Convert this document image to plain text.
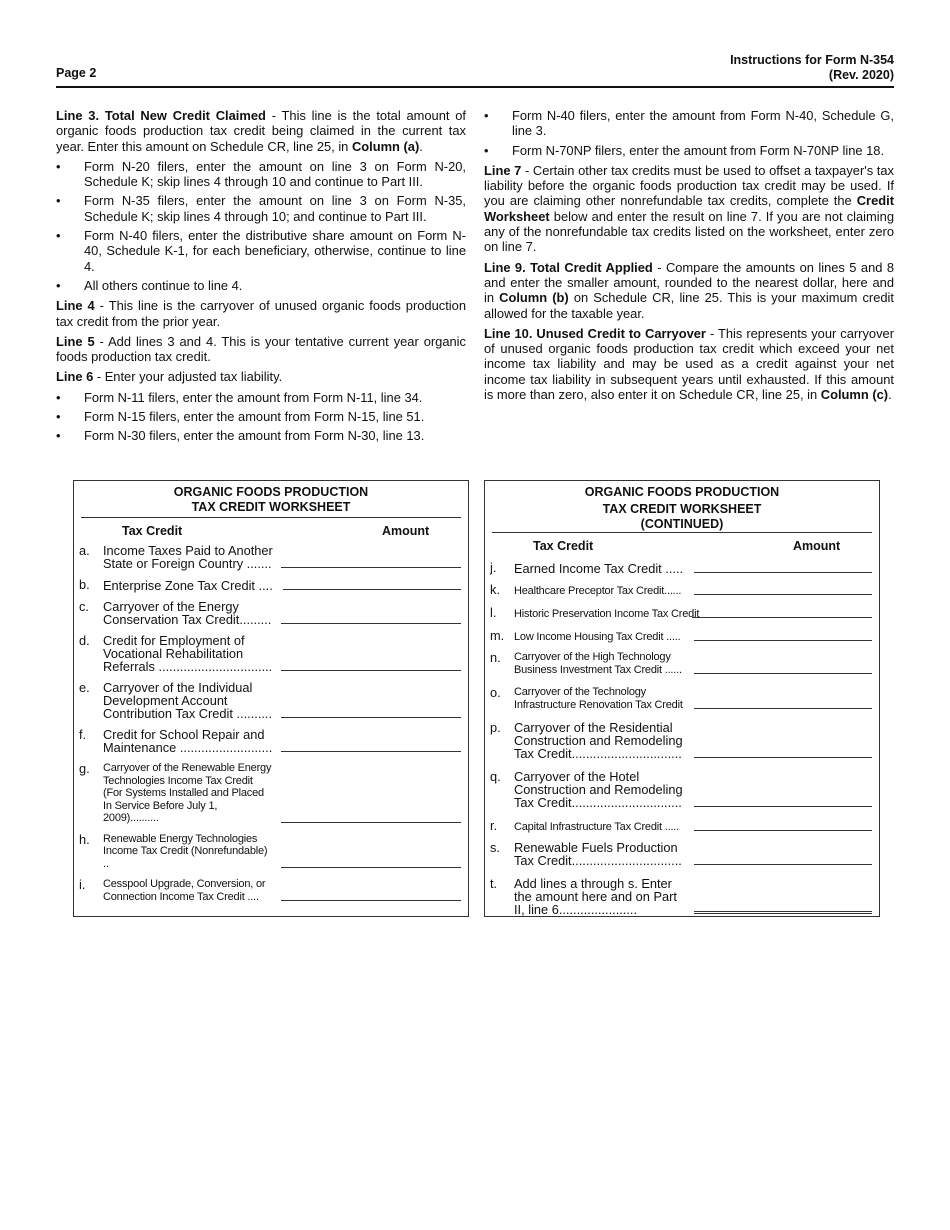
Page 2
Instructions for Form N-354
(Rev. 2020)

Line 3. Total New Credit Claimed - This line is the total amount of organic foods production tax credit being claimed in the current tax year. Enter this amount on Schedule CR, line 25, in Column (a).

• Form N-20 filers, enter the amount on line 3 on Form N-20, Schedule K; skip lines 4 through 10 and continue to Part III.
• Form N-35 filers, enter the amount on line 3 on Form N-35, Schedule K; skip lines 4 through 10; and continue to Part III.
• Form N-40 filers, enter the distributive share amount on Form N-40, Schedule K-1, for each beneficiary, otherwise, continue to line 4.
• All others continue to line 4.

Line 4 - This line is the carryover of unused organic foods production tax credit from the prior year.

Line 5 - Add lines 3 and 4. This is your tentative current year organic foods production tax credit.

Line 6 - Enter your adjusted tax liability.

• Form N-11 filers, enter the amount from Form N-11, line 34.
• Form N-15 filers, enter the amount from Form N-15, line 51.
• Form N-30 filers, enter the amount from Form N-30, line 13.
• Form N-40 filers, enter the amount from Form N-40, Schedule G, line 3.
• Form N-70NP filers, enter the amount from Form N-70NP line 18.

Line 7 - Certain other tax credits must be used to offset a taxpayer's tax liability before the organic foods production tax credit may be used. If you are claiming other nonrefundable tax credits, complete the Credit Worksheet below and enter the result on line 7. If you are not claiming any of the nonrefundable tax credits listed on the worksheet, enter zero on line 7.

Line 9. Total Credit Applied - Compare the amounts on lines 5 and 8 and enter the smaller amount, rounded to the nearest dollar, here and in Column (b) on Schedule CR, line 25. This is your maximum credit allowed for the taxable year.

Line 10. Unused Credit to Carryover - This represents your carryover of unused organic foods production tax credit which exceed your net income tax liability and may be used as a credit against your net income tax liability in subsequent years until exhausted. If this amount is more than zero, also enter it on Schedule CR, line 25, in Column (c).

ORGANIC FOODS PRODUCTION
TAX CREDIT WORKSHEET
Tax Credit	Amount
a.	Income Taxes Paid to Another State or Foreign Country .......
b.	Enterprise Zone Tax Credit ....
c.	Carryover of the Energy Conservation Tax Credit.........
d.	Credit for Employment of Vocational Rehabilitation Referrals ................................
e.	Carryover of the Individual Development Account Contribution Tax Credit ..........
f.	Credit for School Repair and Maintenance ..........................
g.	Carryover of the Renewable Energy Technologies Income Tax Credit (For Systems Installed and Placed In Service Before July 1, 2009)..........
h.	Renewable Energy Technologies Income Tax Credit (Nonrefundable) ..
i.	Cesspool Upgrade, Conversion, or Connection Income Tax Credit ....
ORGANIC FOODS PRODUCTION
TAX CREDIT WORKSHEET
(CONTINUED)
Tax Credit	Amount
j.	Earned Income Tax Credit .....
k.	Healthcare Preceptor Tax Credit......
l.	Historic Preservation Income Tax Credit
m. Low Income Housing Tax Credit .....
n.	Carryover of the High Technology Business Investment Tax Credit ......
o.	Carryover of the Technology Infrastructure Renovation Tax Credit
p.	Carryover of the Residential Construction and Remodeling Tax Credit...............................
q.	Carryover of the Hotel Construction and Remodeling Tax Credit...............................
r.	Capital Infrastructure Tax Credit .....
s.	Renewable Fuels Production Tax Credit...............................
t.	Add lines a through s. Enter the amount here and on Part II, line 6......................
